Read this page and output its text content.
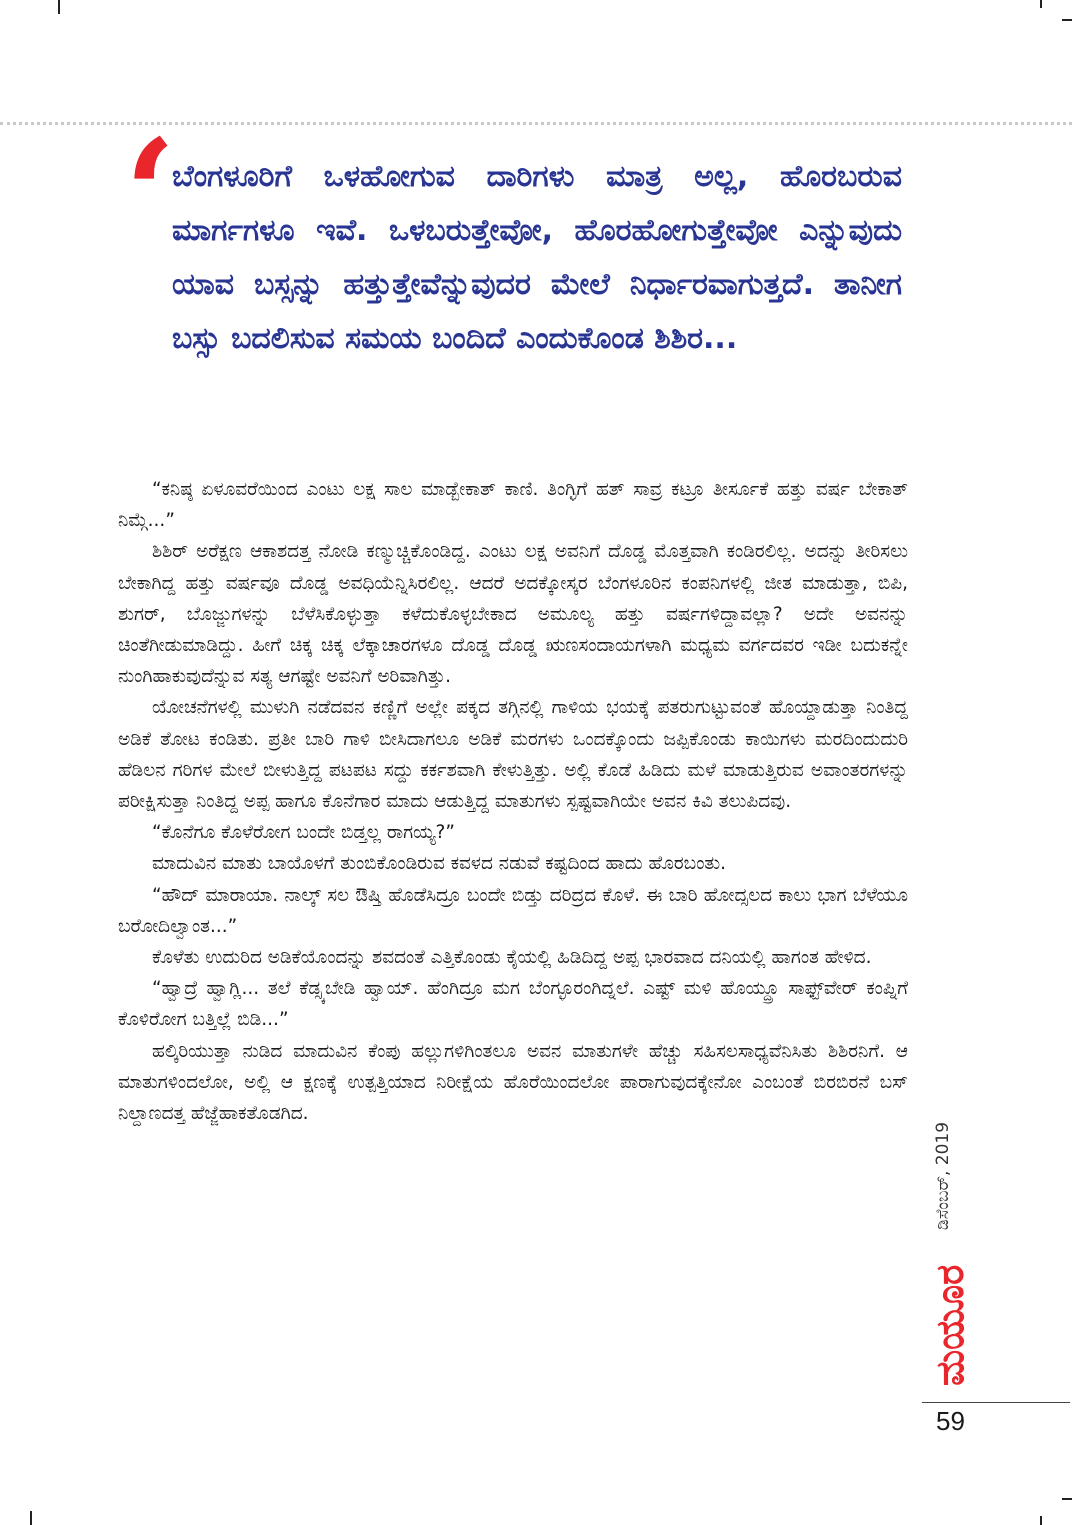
‘
ಬೆಂಗಳೂರಿಗೆ ಒಳಹೋಗುವ ದಾರಿಗಳು ಮಾತ್ರ ಅಲ್ಲ, ಹೊರಬರುವ ಮಾರ್ಗಗಳೂ ಇವೆ. ಒಳಬರುತ್ತೇವೋ, ಹೊರಹೋಗುತ್ತೇವೋ ಎನ್ನುವುದು ಯಾವ ಬಸ್ಸನ್ನು ಹತ್ತುತ್ತೇವೆನ್ನುವುದರ ಮೇಲೆ ನಿರ್ಧಾರವಾಗುತ್ತದೆ. ತಾನೀಗ ಬಸ್ಸು ಬದಲಿಸುವ ಸಮಯ ಬಂದಿದೆ ಎಂದುಕೊಂಡ ಶಿಶಿರ...

“ಕನಿಷ್ಠ ಏಳೂವರೆಯಿಂದ ಎಂಟು ಲಕ್ಷ ಸಾಲ ಮಾಡ್ಬೇಕಾತ್ ಕಾಣಿ. ತಿಂಗ್ಳಿಗೆ ಹತ್ ಸಾವ್ರ ಕಟ್ರೂ ತೀರ್ಸೂಕೆ ಹತ್ತು ವರ್ಷ ಬೇಕಾತ್ ನಿಮ್ಗೆ...”

ಶಿಶಿರ್ ಅರೆಕ್ಷಣ ಆಕಾಶದತ್ತ ನೋಡಿ ಕಣ್ಮುಚ್ಚಿಕೊಂಡಿದ್ದ. ಎಂಟು ಲಕ್ಷ ಅವನಿಗೆ ದೊಡ್ಡ ಮೊತ್ತವಾಗಿ ಕಂಡಿರಲಿಲ್ಲ. ಅದನ್ನು ತೀರಿಸಲು ಬೇಕಾಗಿದ್ದ ಹತ್ತು ವರ್ಷವೂ ದೊಡ್ಡ ಅವಧಿಯೆನ್ನಿಸಿರಲಿಲ್ಲ. ಆದರೆ ಅದಕ್ಕೋಸ್ಕರ ಬೆಂಗಳೂರಿನ ಕಂಪನಿಗಳಲ್ಲಿ ಜೀತ ಮಾಡುತ್ತಾ, ಬಿಪಿ, ಶುಗರ್, ಬೊಜ್ಜುಗಳನ್ನು ಬೆಳೆಸಿಕೊಳ್ಳುತ್ತಾ ಕಳೆದುಕೊಳ್ಳಬೇಕಾದ ಅಮೂಲ್ಯ ಹತ್ತು ವರ್ಷಗಳಿದ್ದಾವಲ್ಲಾ? ಅದೇ ಅವನನ್ನು ಚಿಂತೆಗೀಡುಮಾಡಿದ್ದು. ಹೀಗೆ ಚಿಕ್ಕ ಚಿಕ್ಕ ಲೆಕ್ಕಾಚಾರಗಳೂ ದೊಡ್ಡ ದೊಡ್ಡ ಋಣಸಂದಾಯಗಳಾಗಿ ಮಧ್ಯಮ ವರ್ಗದವರ ಇಡೀ ಬದುಕನ್ನೇ ನುಂಗಿಹಾಕುವುದೆನ್ನುವ ಸತ್ಯ ಆಗಷ್ಟೇ ಅವನಿಗೆ ಅರಿವಾಗಿತ್ತು.

ಯೋಚನೆಗಳಲ್ಲಿ ಮುಳುಗಿ ನಡೆದವನ ಕಣ್ಣಿಗೆ ಅಲ್ಲೇ ಪಕ್ಕದ ತಗ್ಗಿನಲ್ಲಿ ಗಾಳಿಯ ಭಯಕ್ಕೆ ಪತರುಗುಟ್ಟುವಂತೆ ಹೊಯ್ದಾಡುತ್ತಾ ನಿಂತಿದ್ದ ಅಡಿಕೆ ತೋಟ ಕಂಡಿತು. ಪ್ರತೀ ಬಾರಿ ಗಾಳಿ ಬೀಸಿದಾಗಲೂ ಅಡಿಕೆ ಮರಗಳು ಒಂದಕ್ಕೊಂದು ಜಪ್ಪಿಕೊಂಡು ಕಾಯಿಗಳು ಮರದಿಂದುದುರಿ ಹೆಡಿಲನ ಗರಿಗಳ ಮೇಲೆ ಬೀಳುತ್ತಿದ್ದ ಪಟಪಟ ಸದ್ದು ಕರ್ಕಶವಾಗಿ ಕೇಳುತ್ತಿತ್ತು. ಅಲ್ಲಿ ಕೊಡೆ ಹಿಡಿದು ಮಳೆ ಮಾಡುತ್ತಿರುವ ಅವಾಂತರಗಳನ್ನು ಪರೀಕ್ಷಿಸುತ್ತಾ ನಿಂತಿದ್ದ ಅಪ್ಪ ಹಾಗೂ ಕೊನೆಗಾರ ಮಾದು ಆಡುತ್ತಿದ್ದ ಮಾತುಗಳು ಸ್ಪಷ್ಟವಾಗಿಯೇ ಅವನ ಕಿವಿ ತಲುಪಿದವು.

“ಕೊನೆಗೂ ಕೊಳೆರೋಗ ಬಂದೇ ಬಿಡ್ತಲ್ಲ ರಾಗಯ್ಯ?”

ಮಾದುವಿನ ಮಾತು ಬಾಯೊಳಗೆ ತುಂಬಿಕೊಂಡಿರುವ ಕವಳದ ನಡುವೆ ಕಷ್ಟದಿಂದ ಹಾದು ಹೊರಬಂತು.

“ಹೌದ್ ಮಾರಾಯಾ. ನಾಲ್ಕ್ ಸಲ ಔಷ್ತಿ ಹೊಡೆಸಿದ್ರೂ ಬಂದೇ ಬಿಡ್ತು ದರಿದ್ರದ ಕೊಳೆ. ಈ ಬಾರಿ ಹೋದ್ಸಲದ ಕಾಲು ಭಾಗ ಬೆಳೆಯೂ ಬರೋದಿಲ್ವಾಂತ...”

ಕೊಳೆತು ಉದುರಿದ ಅಡಿಕೆಯೊಂದನ್ನು ಶವದಂತೆ ಎತ್ತಿಕೊಂಡು ಕೈಯಲ್ಲಿ ಹಿಡಿದಿದ್ದ ಅಪ್ಪ ಭಾರವಾದ ದನಿಯಲ್ಲಿ ಹಾಗಂತ ಹೇಳಿದ.

“ಹ್ವಾದ್ರೆ ಹ್ವಾಗ್ಲಿ... ತಲೆ ಕೆಡ್ಸ್ಕಬೇಡಿ ಹ್ವಾಯ್. ಹೆಂಗಿದ್ರೂ ಮಗ ಬೆಂಗ್ಳೂರಂಗಿದ್ನಲೆ. ಎಷ್ಟ್ ಮಳಿ ಹೊಯ್ದ್ರೂ ಸಾಫ್ಟ್‌ವೇರ್ ಕಂಪ್ನಿಗೆ ಕೊಳಿರೋಗ ಬತ್ತಿಲ್ಲೆ ಬಿಡಿ...”

ಹಲ್ಕಿರಿಯುತ್ತಾ ನುಡಿದ ಮಾದುವಿನ ಕೆಂಪು ಹಲ್ಲುಗಳಿಗಿಂತಲೂ ಅವನ ಮಾತುಗಳೇ ಹೆಚ್ಚು ಸಹಿಸಲಸಾಧ್ಯವೆನಿಸಿತು ಶಿಶಿರನಿಗೆ. ಆ ಮಾತುಗಳಿಂದಲೋ, ಅಲ್ಲಿ ಆ ಕ್ಷಣಕ್ಕೆ ಉತ್ಪತ್ತಿಯಾದ ನಿರೀಕ್ಷೆಯ ಹೊರೆಯಿಂದಲೋ ಪಾರಾಗುವುದಕ್ಕೇನೋ ಎಂಬಂತೆ ಬಿರಬಿರನೆ ಬಸ್ ನಿಲ್ದಾಣದತ್ತ ಹೆಜ್ಜೆಹಾಕತೊಡಗಿದ.

ಡಿಸೆಂಬರ್, 2019
ಮಯೂರ
59
